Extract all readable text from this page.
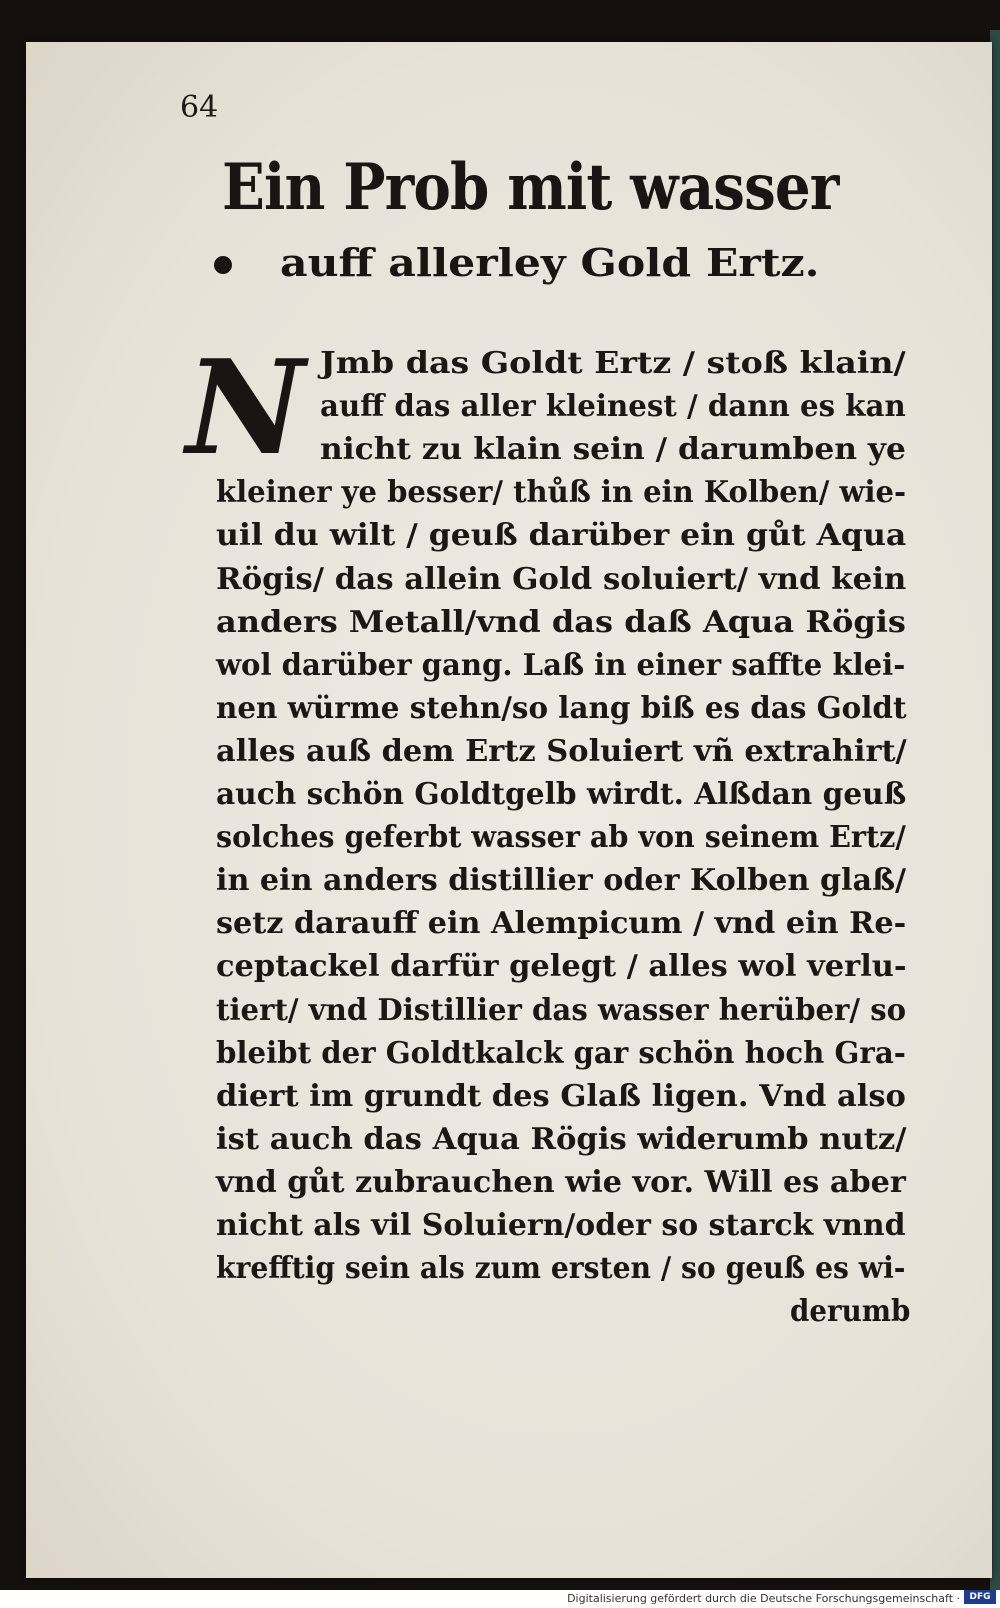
64
Ein Prob mit wasser
auff allerley Gold Ertz.
N Jmb das Goldt Ertz / stoß klain/
auff das aller kleinest / dann es kan
nicht zu klain sein / darumben ye
kleiner ye besser/ thůß in ein Kolben/ wie-
uil du wilt / geuß darüber ein gůt Aqua
Rögis/ das allein Gold soluiert/ vnd kein
anders Metall/vnd das daß Aqua Rögis
wol darüber gang. Laß in einer saffte klei-
nen würme stehn/so lang biß es das Goldt
alles auß dem Ertz Soluiert vñ extrahirt/
auch schön Goldtgelb wirdt. Alßdan geuß
solches geferbt wasser ab von seinem Ertz/
in ein anders distillier oder Kolben glaß/
setz darauff ein Alempicum / vnd ein Re-
ceptackel darfür gelegt / alles wol verlu-
tiert/ vnd Distillier das wasser herüber/ so
bleibt der Goldtkalck gar schön hoch Gra-
diert im grundt des Glaß ligen. Vnd also
ist auch das Aqua Rögis widerumb nutz/
vnd gůt zubrauchen wie vor. Will es aber
nicht als vil Soluiern/oder so starck vnnd
krefftig sein als zum ersten / so geuß es wi-
derumb
Digitalisierung gefördert durch die Deutsche Forschungsgemeinschaft ·	DFG
